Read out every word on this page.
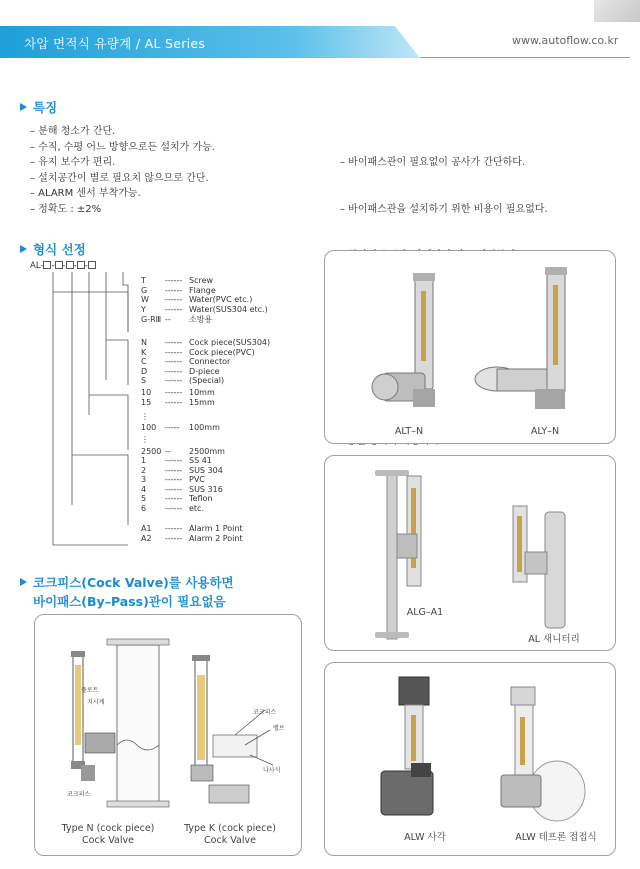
차압 면적식 유량계 / AL Series	www.autoflow.co.kr
특징
– 분해 청소가 간단.
– 수직, 수평 어느 방향으로든 설치가 가능.
– 유지 보수가 편리.
– 설치공간이 별로 필요치 않으므로 간단.
– ALARM 센서 부착가능.
– 정확도 : ±2%

– 바이패스관이 필요없이 공사가 간단하다.

– 바이패스관을 설치하기 위한 비용이 필요없다.

형식 선정
AL- - - - -
T ------ Screw
G ------ Flange
W ------ Water(PVC etc.)
Y ------ Water(SUS304 etc.)
G-RⅢ -- 소방용
N ------ Cock piece(SUS304)
K ------ Cock piece(PVC)
C ------ Connector
D ------ D-piece
S ------ (Special)
10 ------ 10mm
15 ------ 15mm
⋮
100 ----- 100mm
⋮
2500 -- 2500mm
1 ------ SS 41
2 ------ SUS 304
3 ------ PVC
4 ------ SUS 316
5 ------ Teflon
6 ------ etc.
A1 ------ Alarm 1 Point
A2 ------ Alarm 2 Point
코크피스(Cock Valve)를 사용하면
바이패스(By–Pass)관이 필요없음
플로트
지시계
코크피스
코크피스
밸브
나사식
Type N (cock piece)
Cock Valve
Type K (cock piece)
Cock Valve
ALT–N	ALY–N
ALG–A1
AL 새니터리
ALW 사각	ALW 테프론 접접식
